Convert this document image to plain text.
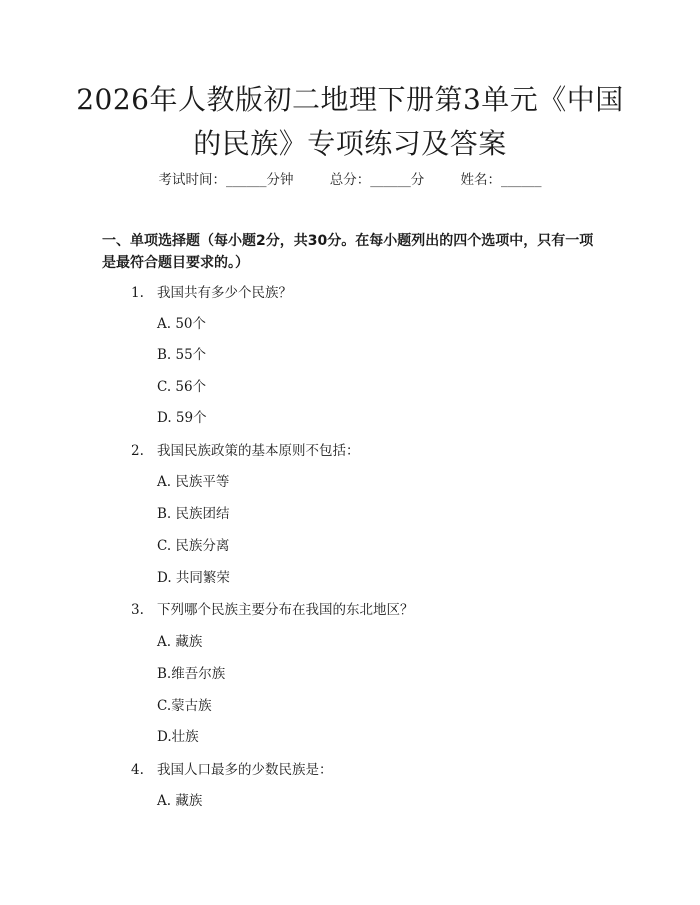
2026年人教版初二地理下册第3单元《中国
的民族》专项练习及答案
考试时间：______分钟	总分：______分	姓名：______
一、单项选择题（每小题2分，共30分。在每小题列出的四个选项中，只有一项是最符合题目要求的。）
1. 我国共有多少个民族？
A. 50个
B. 55个
C. 56个
D. 59个
2. 我国民族政策的基本原则不包括：
A. 民族平等
B. 民族团结
C. 民族分离
D. 共同繁荣
3. 下列哪个民族主要分布在我国的东北地区？
A. 藏族
B.维吾尔族
C.蒙古族
D.壮族
4. 我国人口最多的少数民族是：
A. 藏族
